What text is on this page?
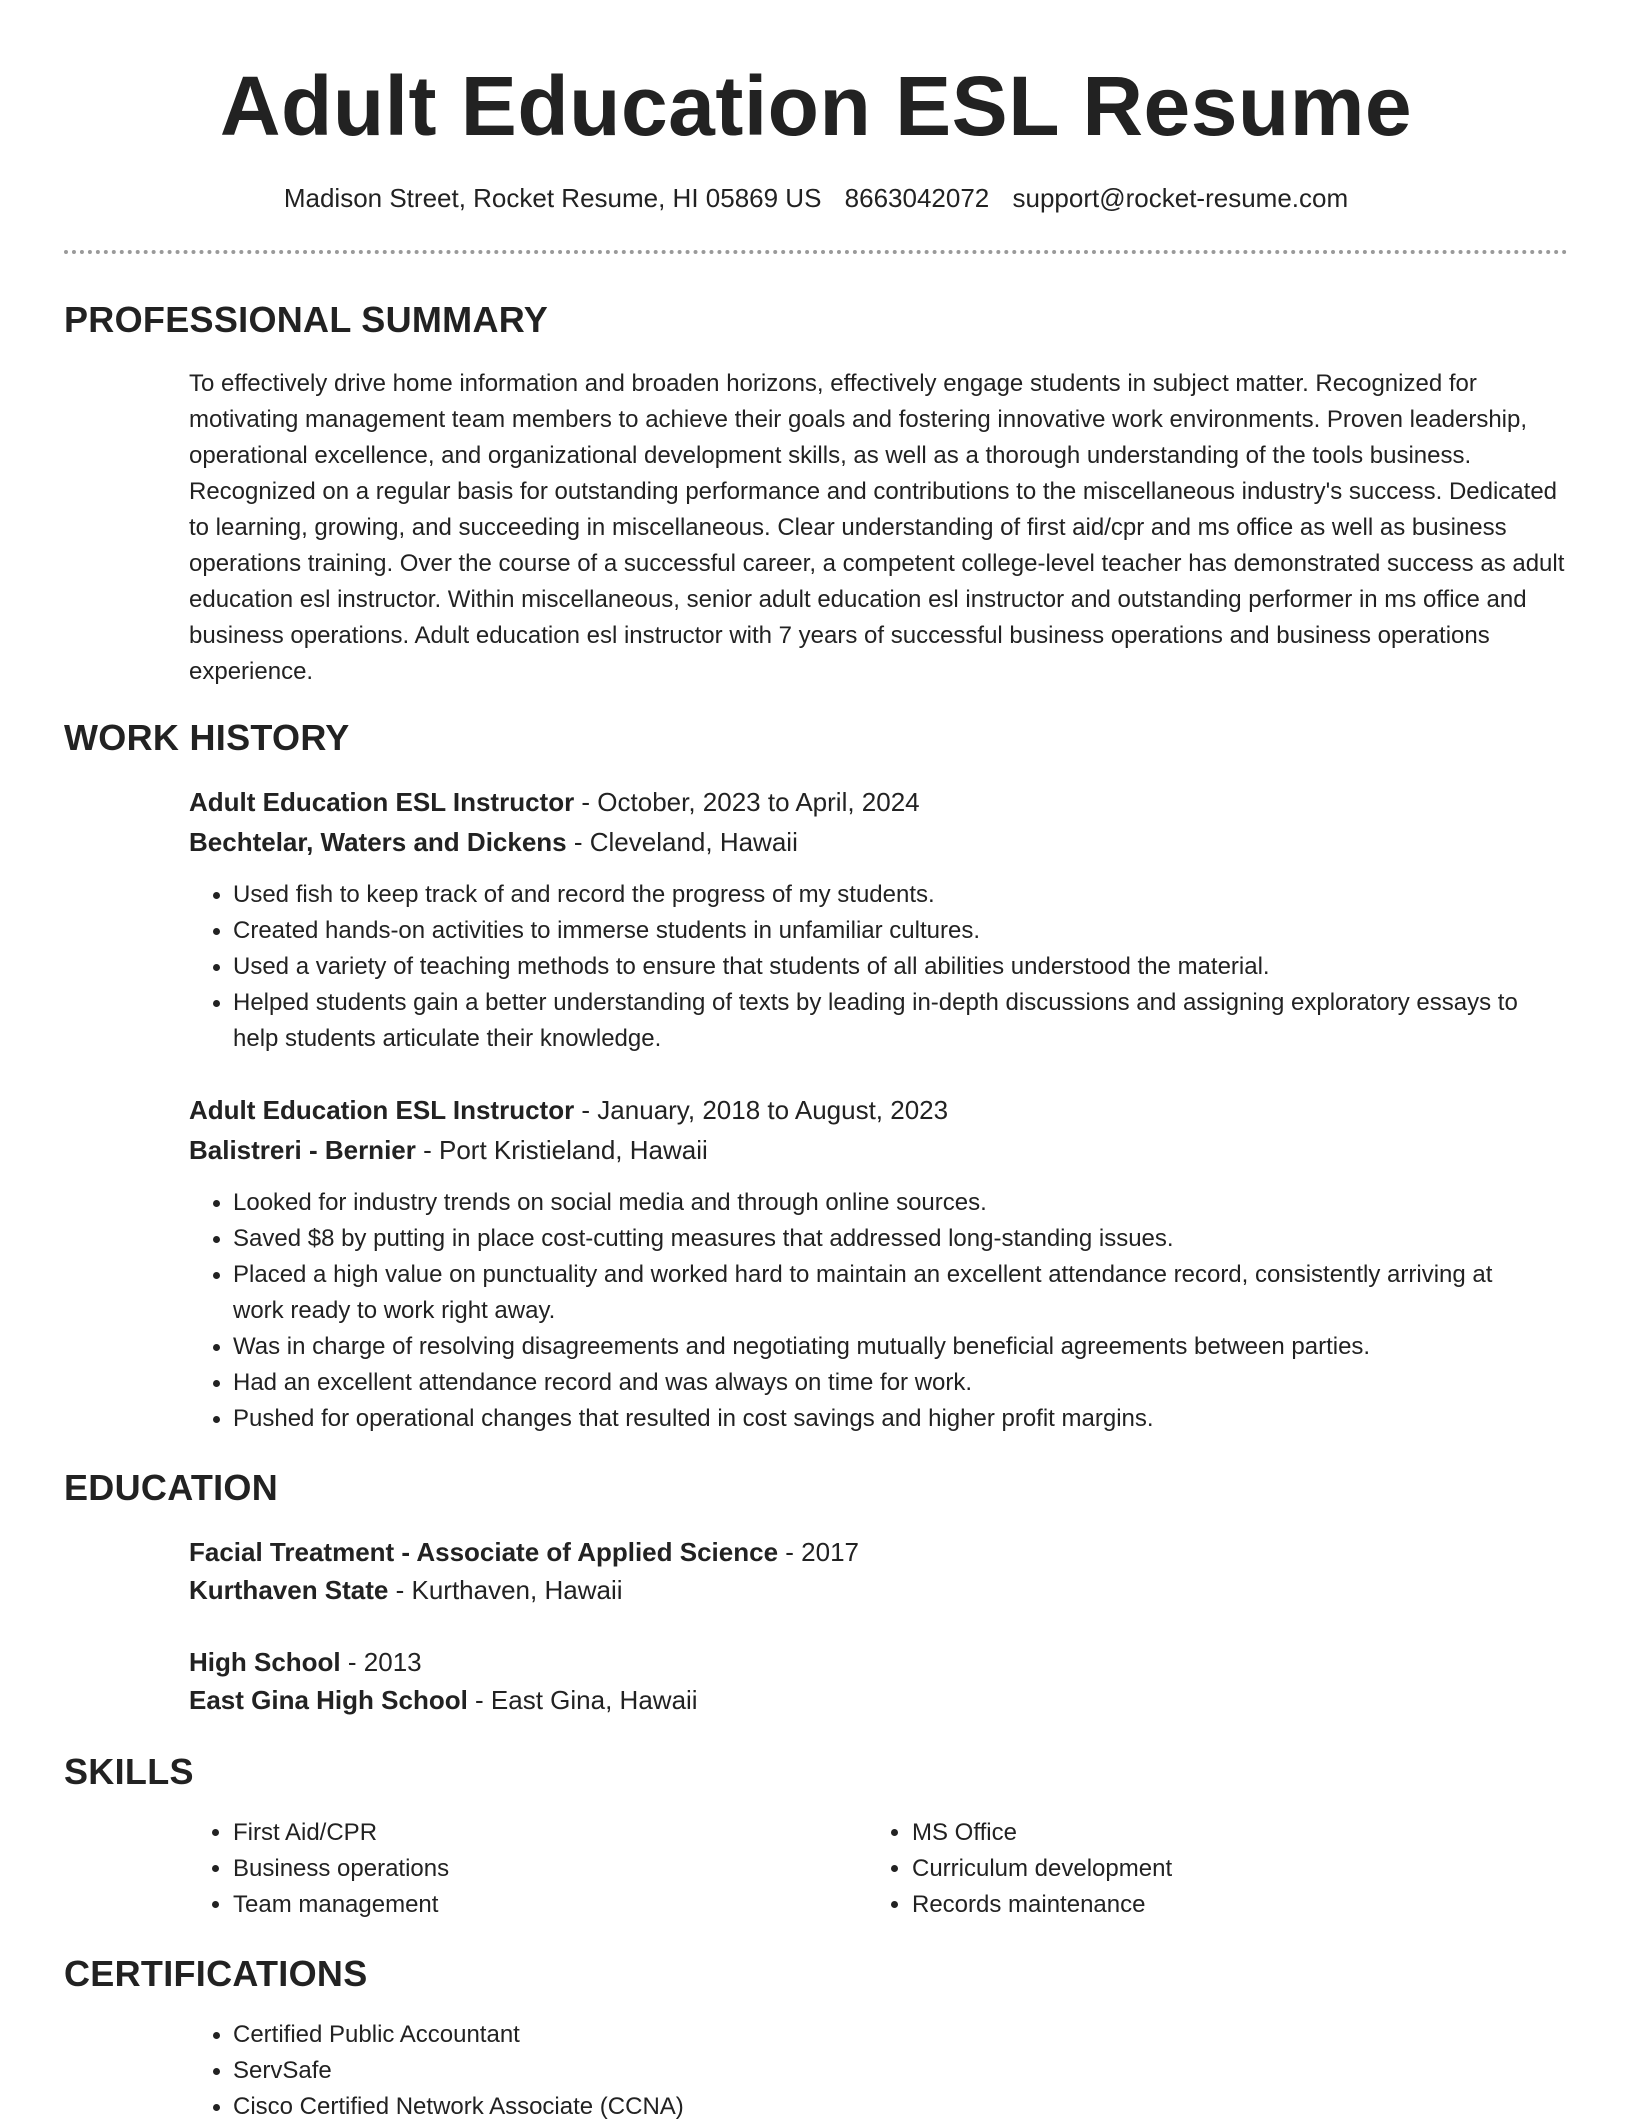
Adult Education ESL Resume
Madison Street, Rocket Resume, HI 05869 US 8663042072 support@rocket-resume.com
PROFESSIONAL SUMMARY

To effectively drive home information and broaden horizons, effectively engage students in subject matter. Recognized for motivating management team members to achieve their goals and fostering innovative work environments. Proven leadership, operational excellence, and organizational development skills, as well as a thorough understanding of the tools business. Recognized on a regular basis for outstanding performance and contributions to the miscellaneous industry's success. Dedicated to learning, growing, and succeeding in miscellaneous. Clear understanding of first aid/cpr and ms office as well as business operations training. Over the course of a successful career, a competent college-level teacher has demonstrated success as adult education esl instructor. Within miscellaneous, senior adult education esl instructor and outstanding performer in ms office and business operations. Adult education esl instructor with 7 years of successful business operations and business operations experience.

WORK HISTORY

Adult Education ESL Instructor - October, 2023 to April, 2024

Bechtelar, Waters and Dickens - Cleveland, Hawaii

• Used fish to keep track of and record the progress of my students.
• Created hands-on activities to immerse students in unfamiliar cultures.
• Used a variety of teaching methods to ensure that students of all abilities understood the material.
• Helped students gain a better understanding of texts by leading in-depth discussions and assigning exploratory essays to help students articulate their knowledge.

Adult Education ESL Instructor - January, 2018 to August, 2023

Balistreri - Bernier - Port Kristieland, Hawaii

• Looked for industry trends on social media and through online sources.
• Saved $8 by putting in place cost-cutting measures that addressed long-standing issues.
• Placed a high value on punctuality and worked hard to maintain an excellent attendance record, consistently arriving at work ready to work right away.
• Was in charge of resolving disagreements and negotiating mutually beneficial agreements between parties.
• Had an excellent attendance record and was always on time for work.
• Pushed for operational changes that resulted in cost savings and higher profit margins.
EDUCATION

Facial Treatment - Associate of Applied Science - 2017

Kurthaven State - Kurthaven, Hawaii

High School - 2013

East Gina High School - East Gina, Hawaii

SKILLS
• First Aid/CPR
• Business operations
• Team management
• MS Office
• Curriculum development
• Records maintenance
CERTIFICATIONS
• Certified Public Accountant
• ServSafe
• Cisco Certified Network Associate (CCNA)
